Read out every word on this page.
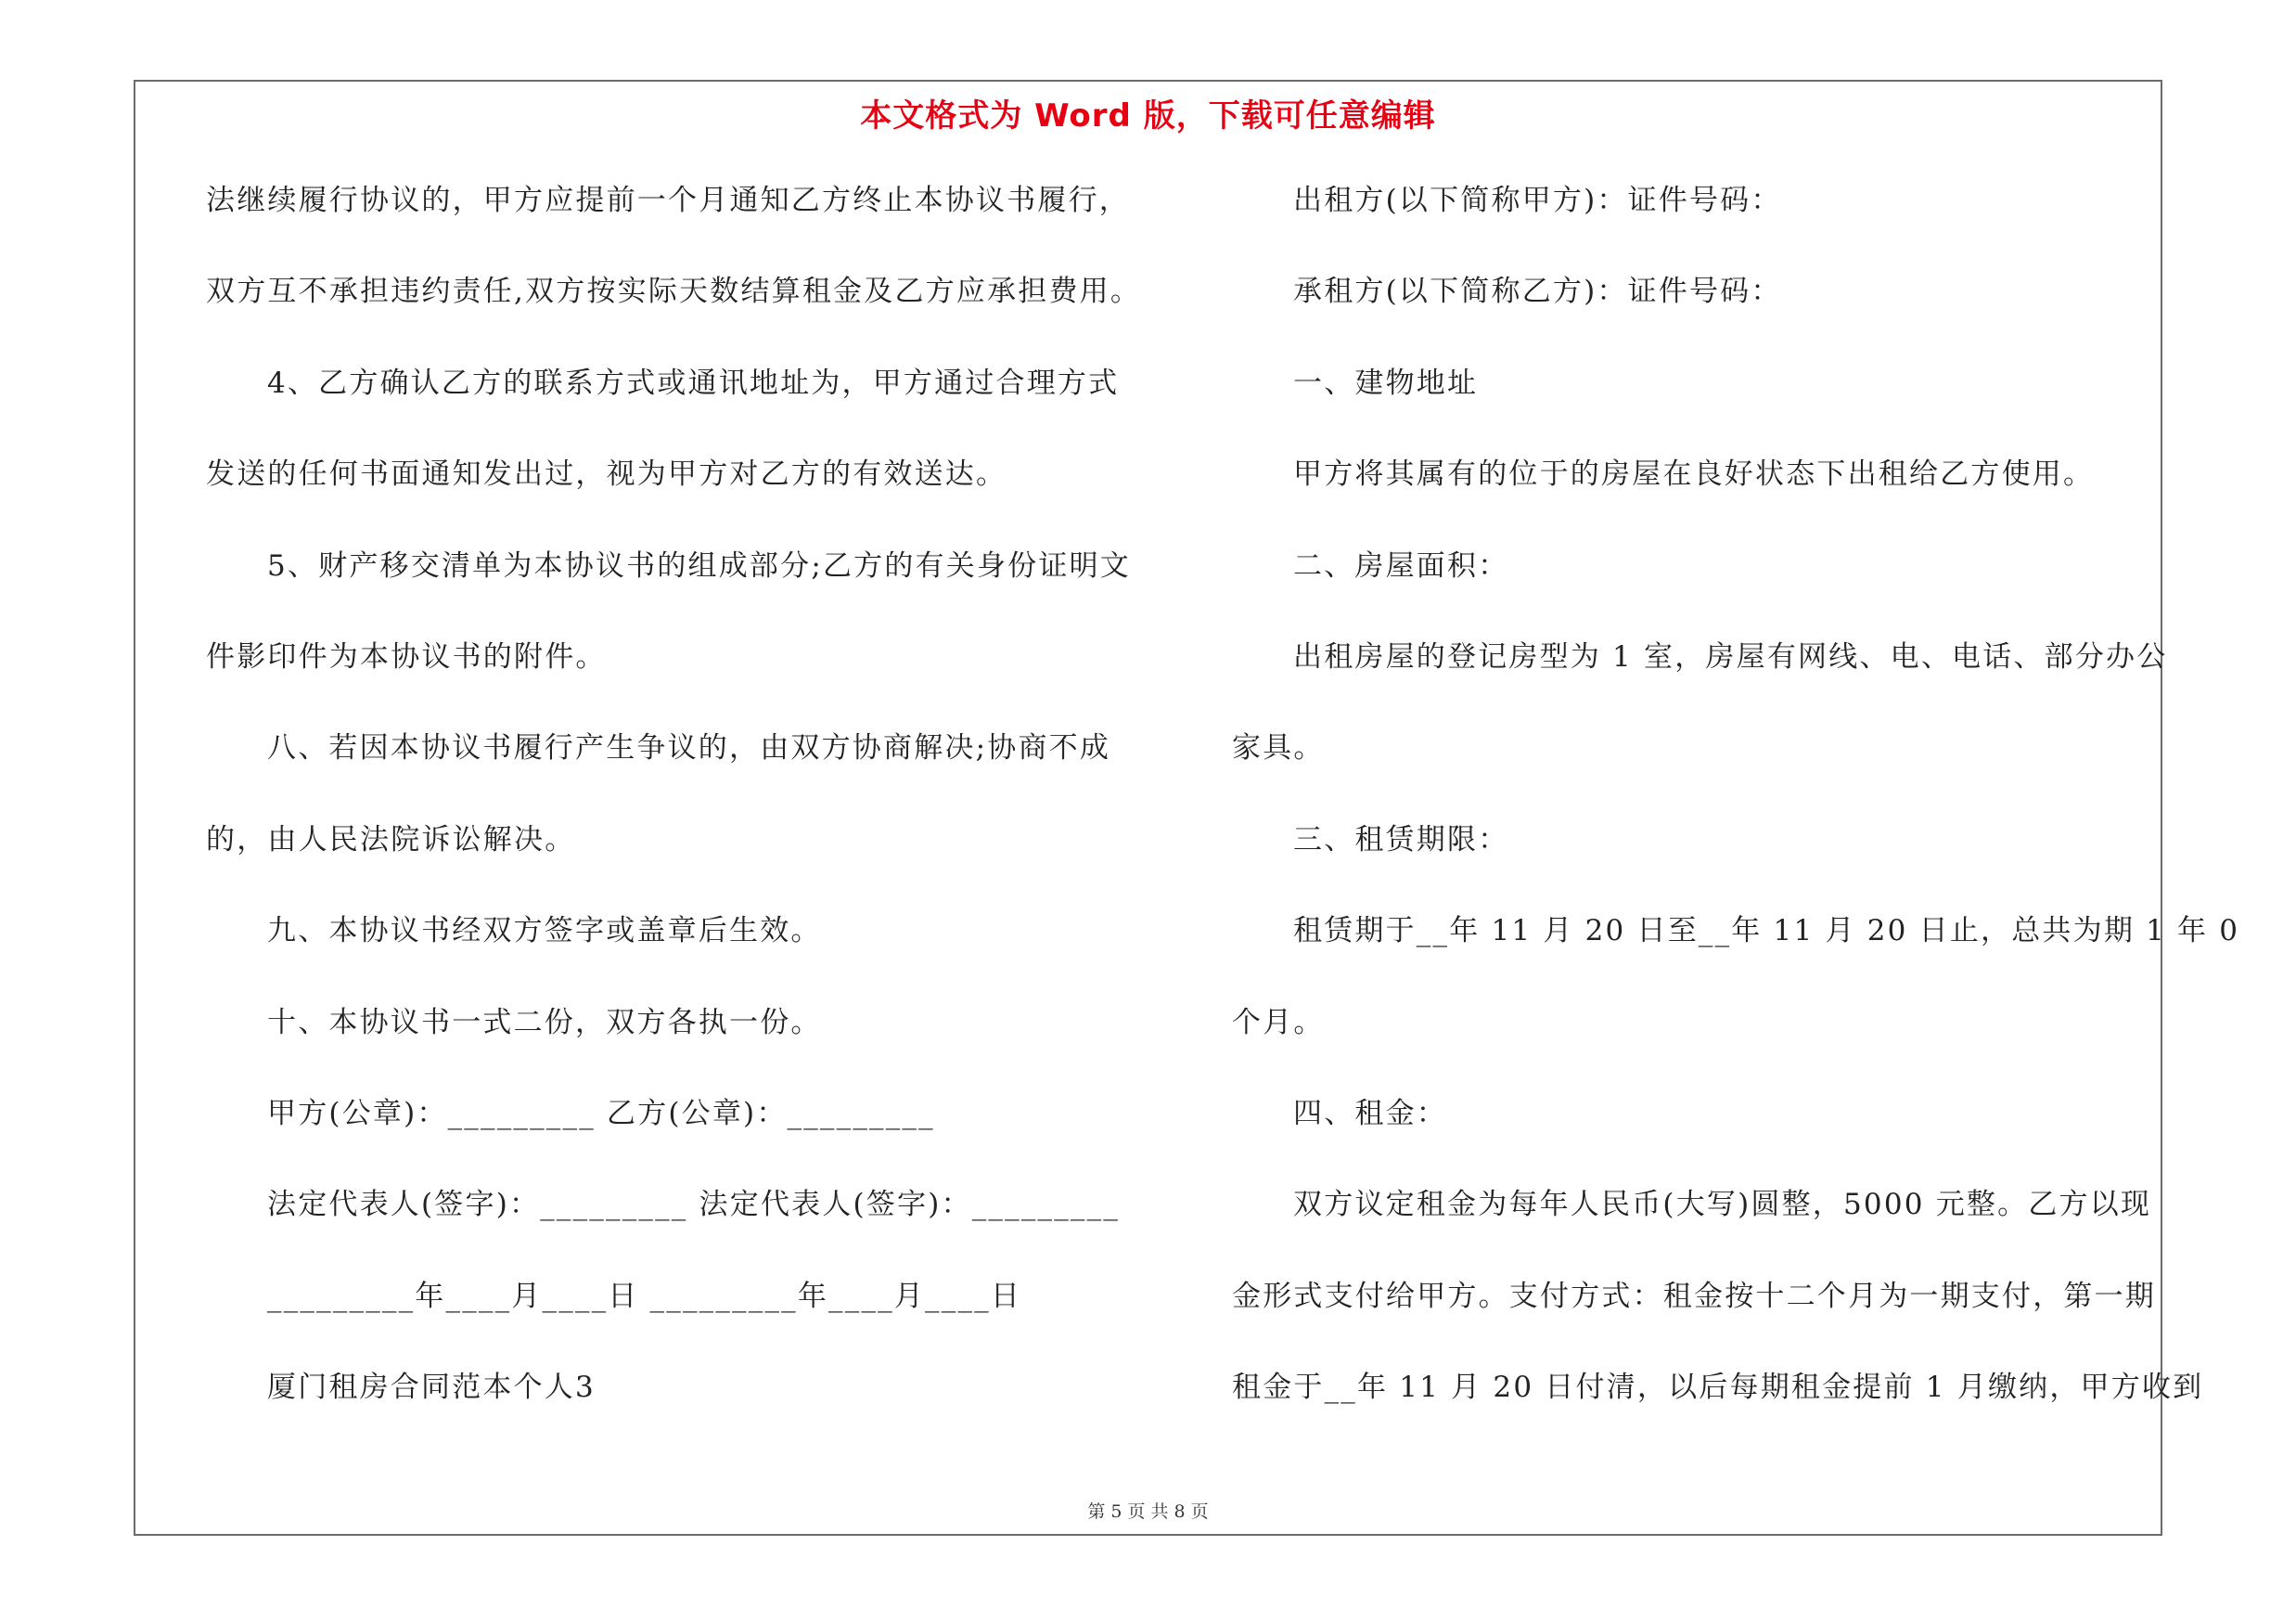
本文格式为 Word 版，下载可任意编辑
法继续履行协议的，甲方应提前一个月通知乙方终止本协议书履行，
双方互不承担违约责任,双方按实际天数结算租金及乙方应承担费用。
4、乙方确认乙方的联系方式或通讯地址为，甲方通过合理方式
发送的任何书面通知发出过，视为甲方对乙方的有效送达。
5、财产移交清单为本协议书的组成部分;乙方的有关身份证明文
件影印件为本协议书的附件。
八、若因本协议书履行产生争议的，由双方协商解决;协商不成
的，由人民法院诉讼解决。
九、本协议书经双方签字或盖章后生效。
十、本协议书一式二份，双方各执一份。
甲方(公章)：_________ 乙方(公章)：_________
法定代表人(签字)：_________ 法定代表人(签字)：_________
_________年____月____日 _________年____月____日
厦门租房合同范本个人3
出租方(以下简称甲方)：证件号码：
承租方(以下简称乙方)：证件号码：
一、建物地址
甲方将其属有的位于的房屋在良好状态下出租给乙方使用。
二、房屋面积：
出租房屋的登记房型为 1 室，房屋有网线、电、电话、部分办公
家具。
三、租赁期限：
租赁期于__年 11 月 20 日至__年 11 月 20 日止，总共为期 1 年 0
个月。
四、租金：
双方议定租金为每年人民币(大写)圆整，5000 元整。乙方以现
金形式支付给甲方。支付方式：租金按十二个月为一期支付，第一期
租金于__年 11 月 20 日付清，以后每期租金提前 1 月缴纳，甲方收到
第 5 页 共 8 页
